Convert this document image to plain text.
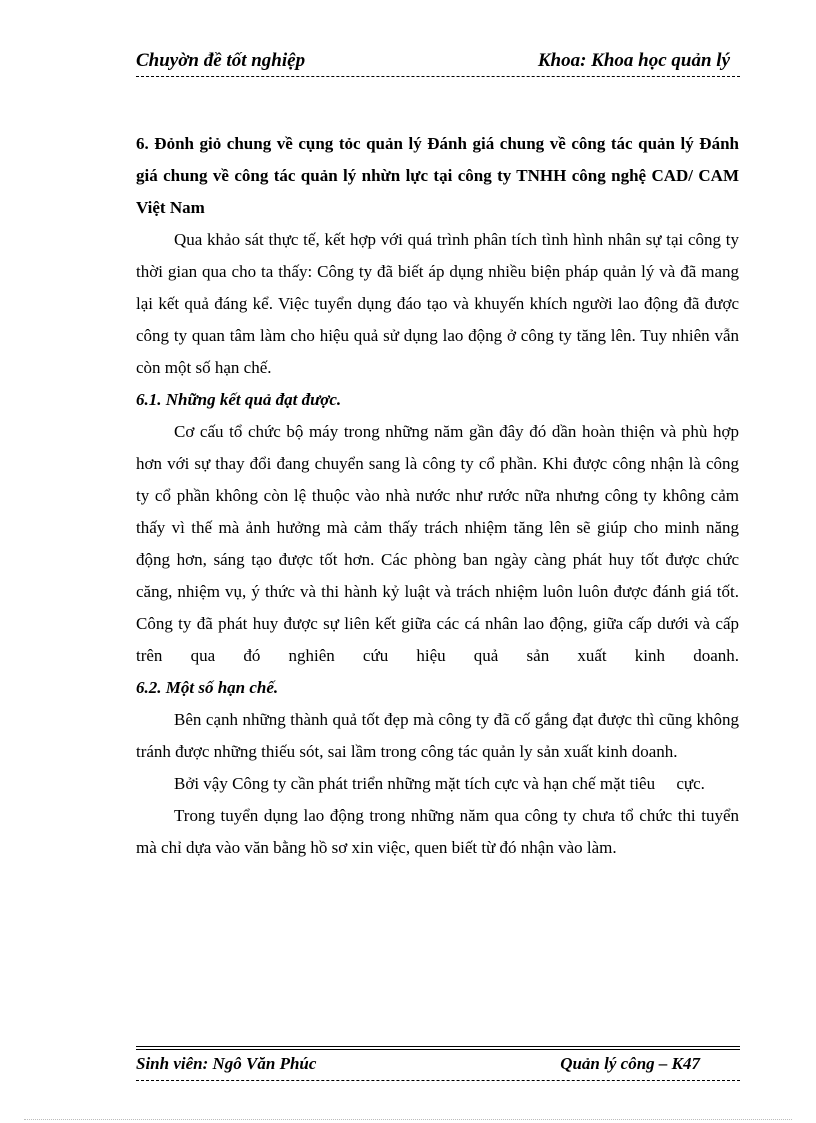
Chuyờn đề tốt nghiệp	Khoa: Khoa học quản lý

6. Đỏnh giỏ chung về cụng tỏc quản lý Đánh giá chung về công tác quản lý Đánh giá chung về công tác quản lý nhừn lực tại công ty TNHH công nghệ CAD/ CAM Việt Nam

Qua khảo sát thực tế, kết hợp với quá trình phân tích tình hình nhân sự tại công ty thời gian qua cho ta thấy: Công ty đã biết áp dụng nhiều biện pháp quản lý và đã mang lại kết quả đáng kể. Việc tuyển dụng đáo tạo và khuyến khích người lao động đã được công ty quan tâm làm cho hiệu quả sử dụng lao động ở công ty tăng lên. Tuy nhiên vẫn còn một số hạn chế.

6.1. Những kết quả đạt được.

Cơ cấu tổ chức bộ máy trong những năm gần đây đó dần hoàn thiện và phù hợp hơn với sự thay đổi đang chuyển sang là công ty cổ phần. Khi được công nhận là công ty cổ phần không còn lệ thuộc vào nhà nước như rước nữa nhưng công ty không cảm thấy vì thế mà ảnh hưởng mà cảm thấy trách nhiệm tăng lên sẽ giúp cho minh năng động hơn, sáng tạo được tốt hơn. Các phòng ban ngày càng phát huy tốt được chức căng, nhiệm vụ, ý thức và thi hành kỷ luật và trách nhiệm luôn luôn được đánh giá tốt. Công ty đã phát huy được sự liên kết giữa các cá nhân lao động, giữa cấp dưới và cấp trên qua đó nghiên cứu hiệu quả sản xuất kinh doanh.

6.2. Một số hạn chế.

Bên cạnh những thành quả tốt đẹp mà công ty đã cố gắng đạt được thì cũng không tránh được những thiếu sót, sai lầm trong công tác quản ly sản xuất kinh doanh.

Bởi vậy Công ty cần phát triển những mặt tích cực và hạn chế mặt tiêu     cực.

Trong tuyển dụng lao động trong những năm qua công ty chưa tổ chức thi tuyển mà chỉ dựa vào văn bằng hồ sơ xin việc, quen biết từ đó nhận vào làm.

Sinh viên: Ngô Văn Phúc	Quản lý công – K47
